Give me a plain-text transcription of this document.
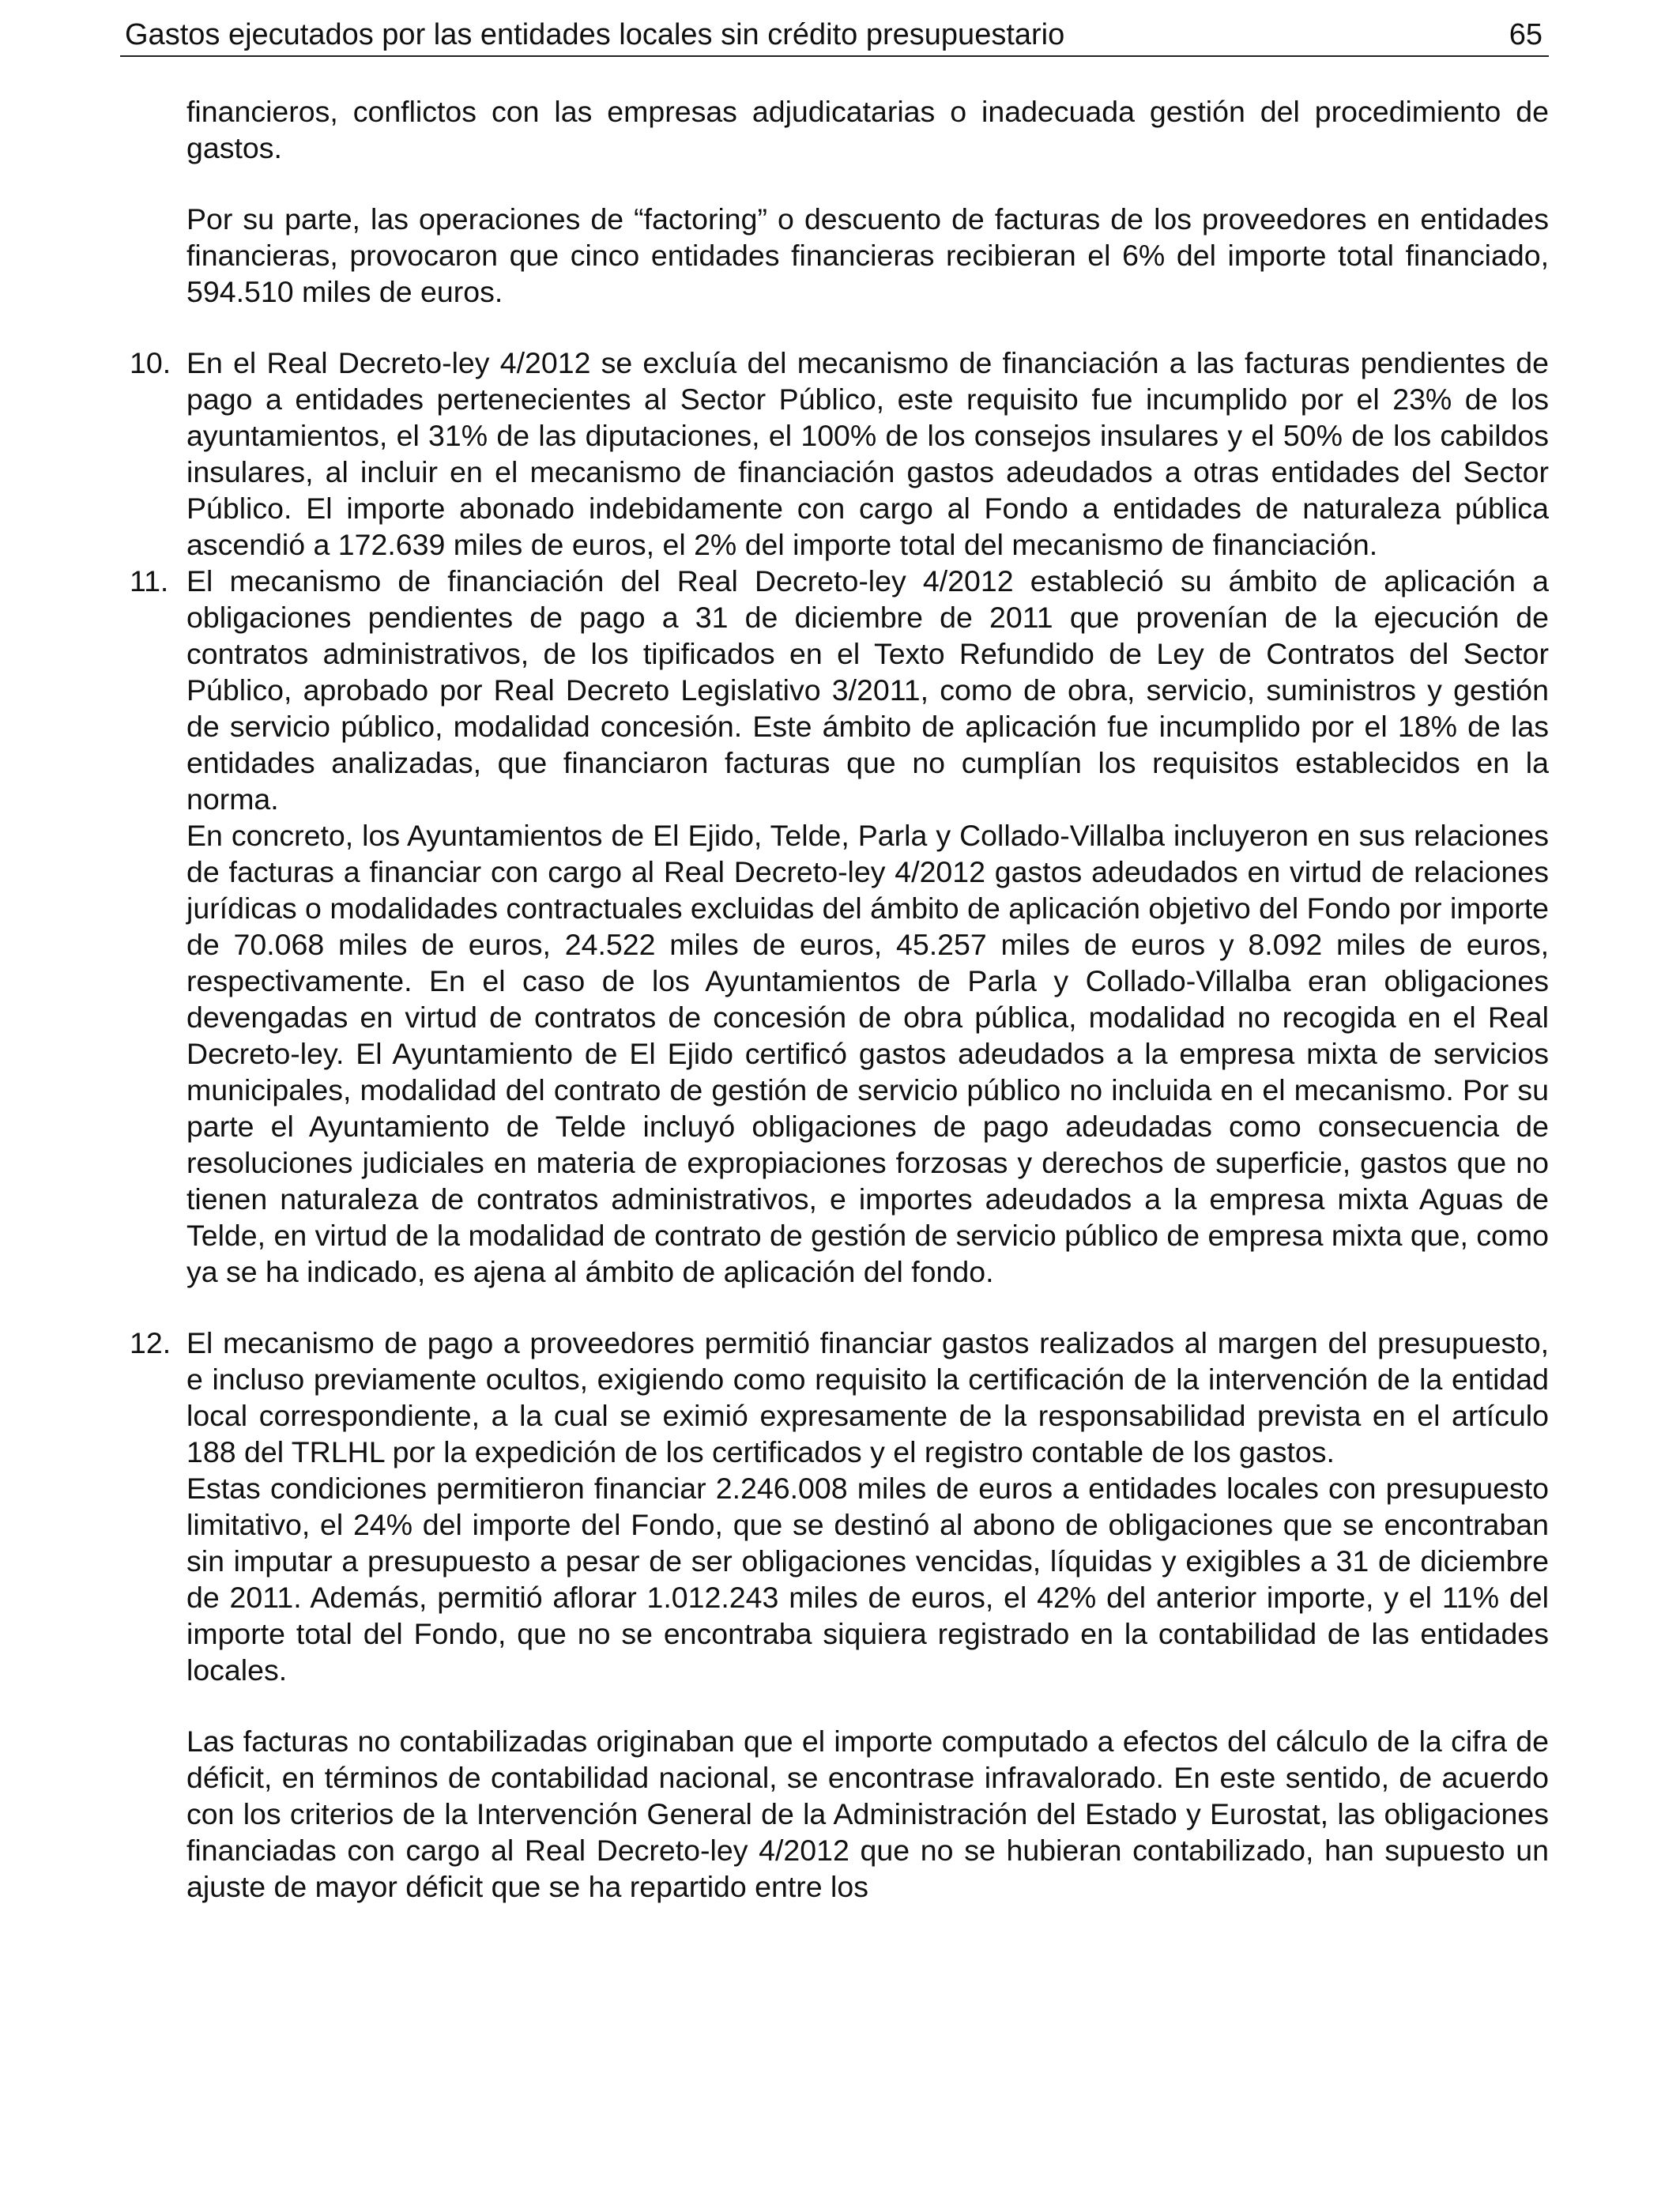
Gastos ejecutados por las entidades locales sin crédito presupuestario	65

financieros, conflictos con las empresas adjudicatarias o inadecuada gestión del procedimiento de gastos.

Por su parte, las operaciones de “factoring” o descuento de facturas de los proveedores en entidades financieras, provocaron que cinco entidades financieras recibieran el 6% del importe total financiado, 594.510 miles de euros.

10. En el Real Decreto-ley 4/2012 se excluía del mecanismo de financiación a las facturas pendientes de pago a entidades pertenecientes al Sector Público, este requisito fue incumplido por el 23% de los ayuntamientos, el 31% de las diputaciones, el 100% de los consejos insulares y el 50% de los cabildos insulares, al incluir en el mecanismo de financiación gastos adeudados a otras entidades del Sector Público. El importe abonado indebidamente con cargo al Fondo a entidades de naturaleza pública ascendió a 172.639 miles de euros, el 2% del importe total del mecanismo de financiación.
11. El mecanismo de financiación del Real Decreto-ley 4/2012 estableció su ámbito de aplicación a obligaciones pendientes de pago a 31 de diciembre de 2011 que provenían de la ejecución de contratos administrativos, de los tipificados en el Texto Refundido de Ley de Contratos del Sector Público, aprobado por Real Decreto Legislativo 3/2011, como de obra, servicio, suministros y gestión de servicio público, modalidad concesión. Este ámbito de aplicación fue incumplido por el 18% de las entidades analizadas, que financiaron facturas que no cumplían los requisitos establecidos en la norma.

En concreto, los Ayuntamientos de El Ejido, Telde, Parla y Collado-Villalba incluyeron en sus relaciones de facturas a financiar con cargo al Real Decreto-ley 4/2012 gastos adeudados en virtud de relaciones jurídicas o modalidades contractuales excluidas del ámbito de aplicación objetivo del Fondo por importe de 70.068 miles de euros, 24.522 miles de euros, 45.257 miles de euros y 8.092 miles de euros, respectivamente. En el caso de los Ayuntamientos de Parla y Collado-Villalba eran obligaciones devengadas en virtud de contratos de concesión de obra pública, modalidad no recogida en el Real Decreto-ley. El Ayuntamiento de El Ejido certificó gastos adeudados a la empresa mixta de servicios municipales, modalidad del contrato de gestión de servicio público no incluida en el mecanismo. Por su parte el Ayuntamiento de Telde incluyó obligaciones de pago adeudadas como consecuencia de resoluciones judiciales en materia de expropiaciones forzosas y derechos de superficie, gastos que no tienen naturaleza de contratos administrativos, e importes adeudados a la empresa mixta Aguas de Telde, en virtud de la modalidad de contrato de gestión de servicio público de empresa mixta que, como ya se ha indicado, es ajena al ámbito de aplicación del fondo.

12. El mecanismo de pago a proveedores permitió financiar gastos realizados al margen del presupuesto, e incluso previamente ocultos, exigiendo como requisito la certificación de la intervención de la entidad local correspondiente, a la cual se eximió expresamente de la responsabilidad prevista en el artículo 188 del TRLHL por la expedición de los certificados y el registro contable de los gastos.

Estas condiciones permitieron financiar 2.246.008 miles de euros a entidades locales con presupuesto limitativo, el 24% del importe del Fondo, que se destinó al abono de obligaciones que se encontraban sin imputar a presupuesto a pesar de ser obligaciones vencidas, líquidas y exigibles a 31 de diciembre de 2011. Además, permitió aflorar 1.012.243 miles de euros, el 42% del anterior importe, y el 11% del importe total del Fondo, que no se encontraba siquiera registrado en la contabilidad de las entidades locales.

Las facturas no contabilizadas originaban que el importe computado a efectos del cálculo de la cifra de déficit, en términos de contabilidad nacional, se encontrase infravalorado. En este sentido, de acuerdo con los criterios de la Intervención General de la Administración del Estado y Eurostat, las obligaciones financiadas con cargo al Real Decreto-ley 4/2012 que no se hubieran contabilizado, han supuesto un ajuste de mayor déficit que se ha repartido entre los
